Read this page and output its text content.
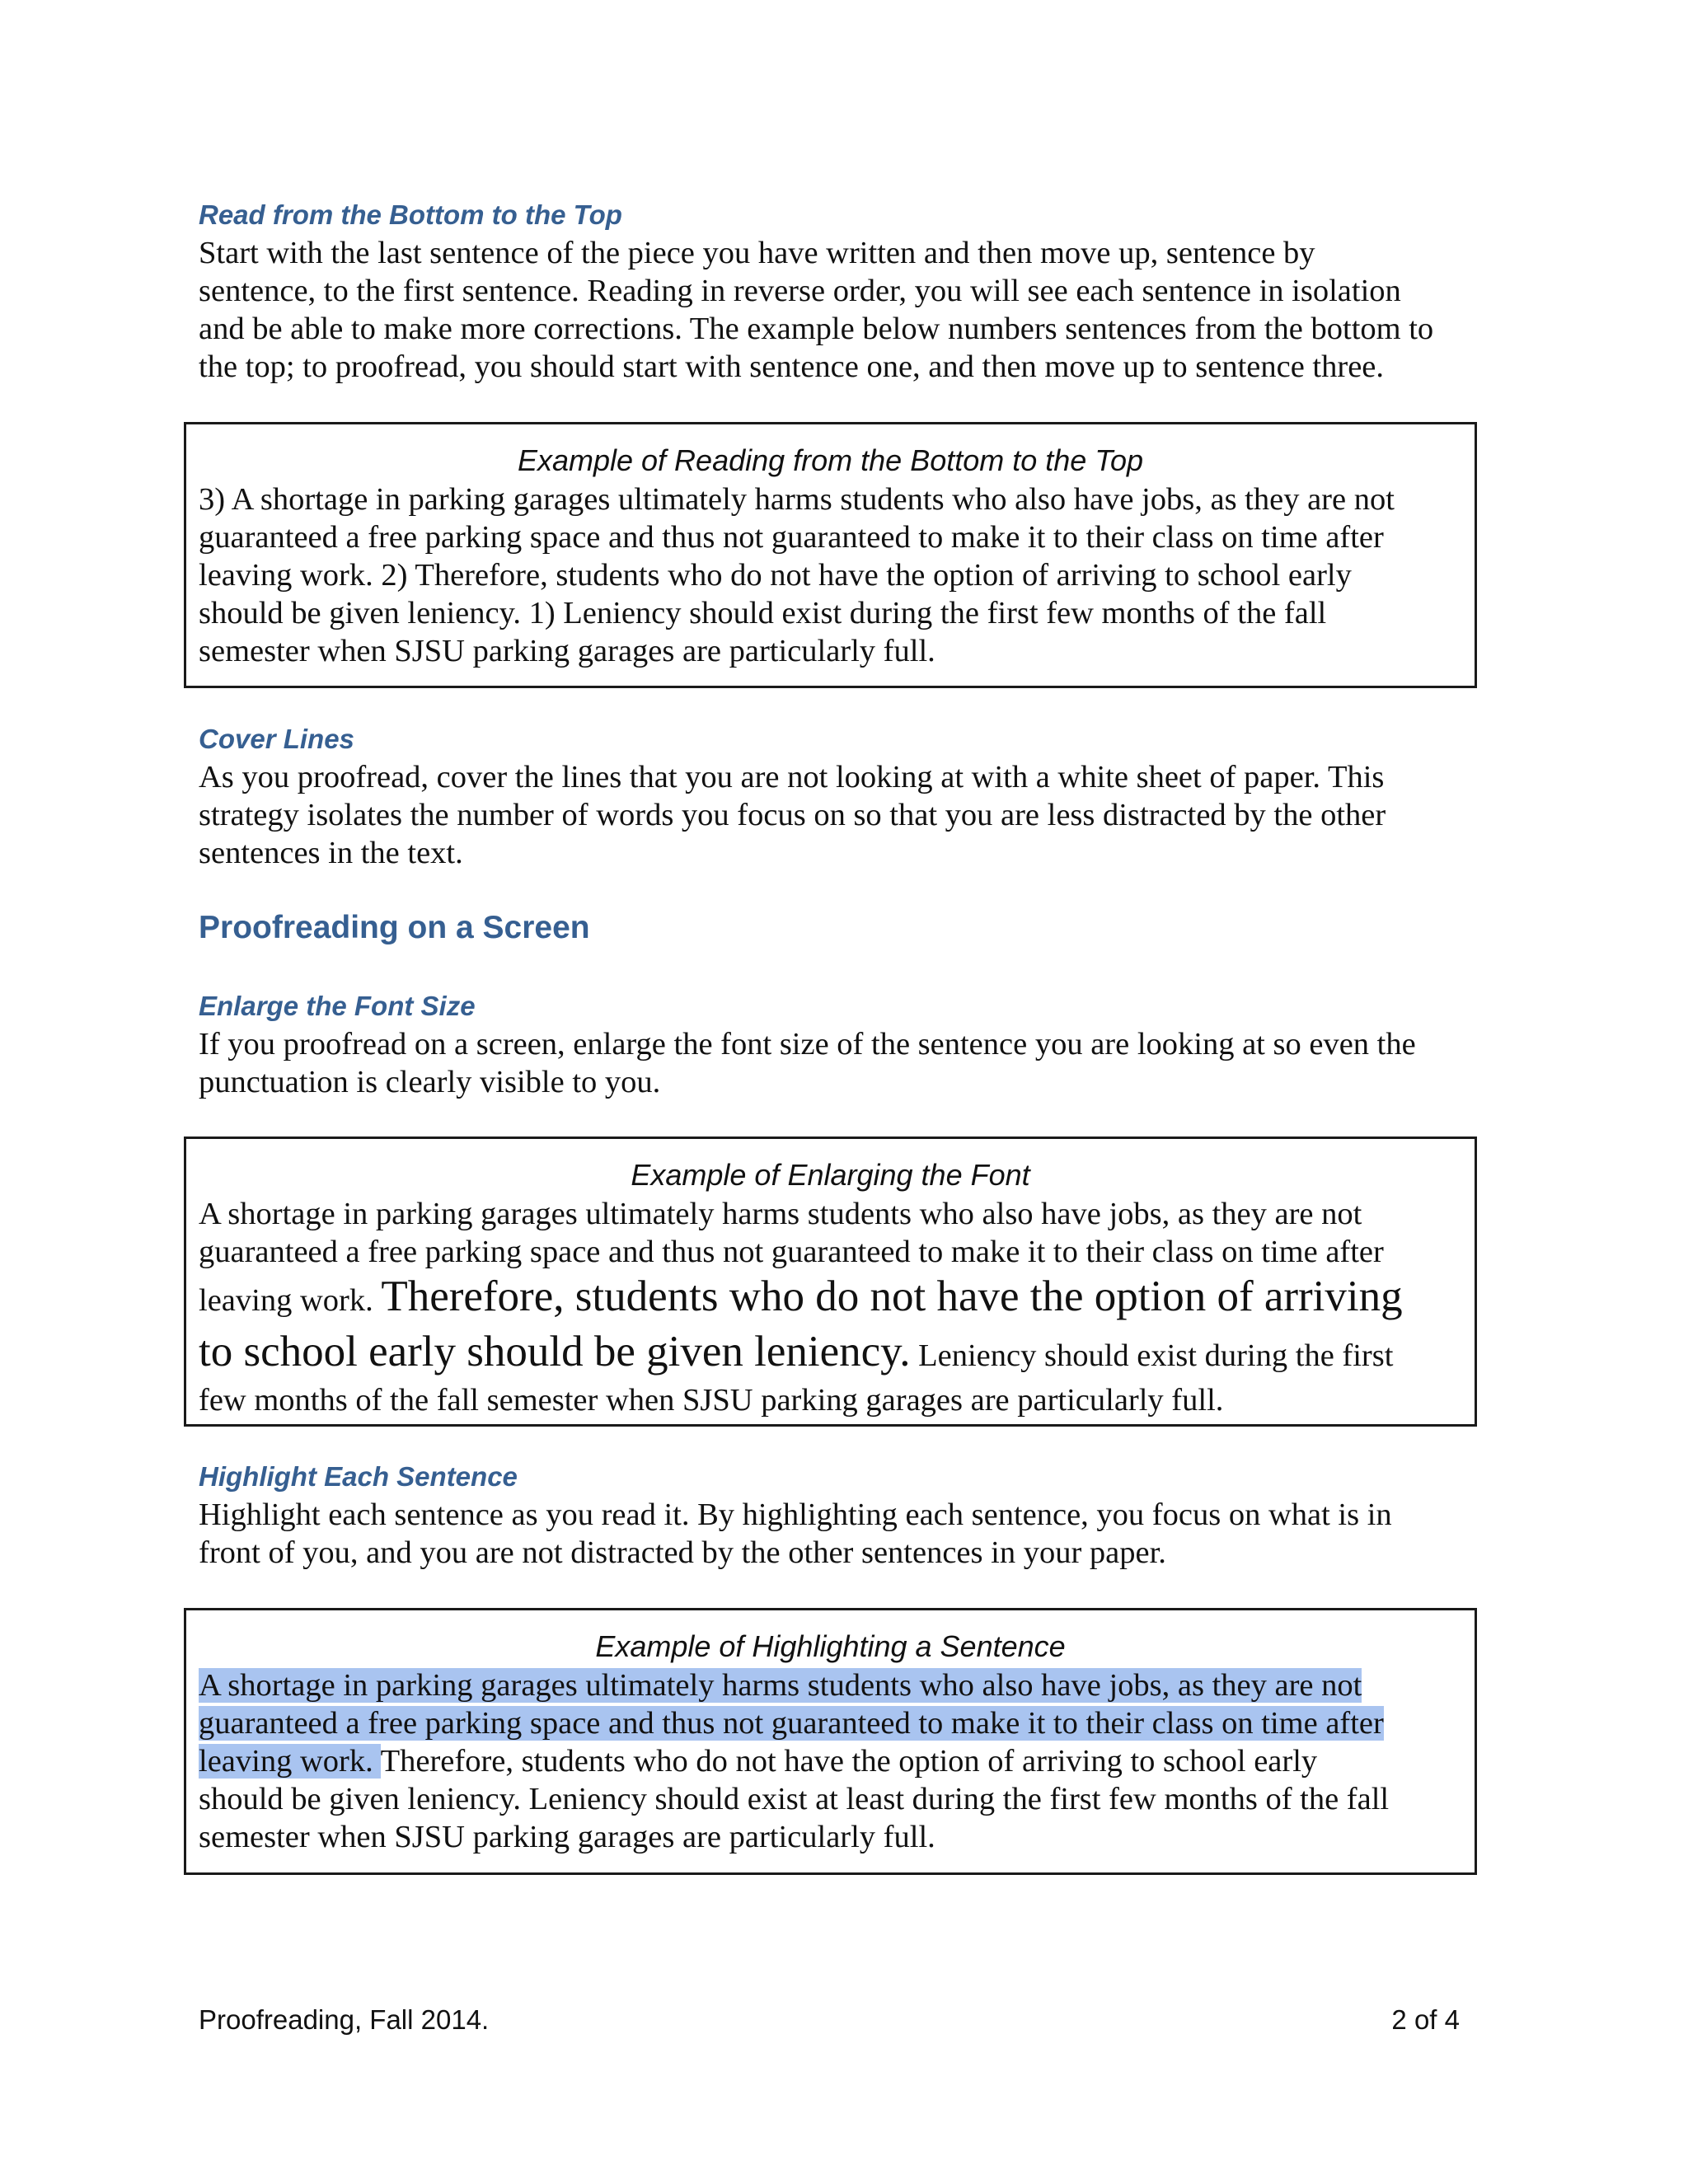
Read from the Bottom to the Top
Start with the last sentence of the piece you have written and then move up, sentence by
sentence, to the first sentence. Reading in reverse order, you will see each sentence in isolation
and be able to make more corrections. The example below numbers sentences from the bottom to
the top; to proofread, you should start with sentence one, and then move up to sentence three.
Example of Reading from the Bottom to the Top
3) A shortage in parking garages ultimately harms students who also have jobs, as they are not
guaranteed a free parking space and thus not guaranteed to make it to their class on time after
leaving work. 2) Therefore, students who do not have the option of arriving to school early
should be given leniency. 1) Leniency should exist during the first few months of the fall
semester when SJSU parking garages are particularly full.
Cover Lines
As you proofread, cover the lines that you are not looking at with a white sheet of paper. This
strategy isolates the number of words you focus on so that you are less distracted by the other
sentences in the text.
Proofreading on a Screen
Enlarge the Font Size
If you proofread on a screen, enlarge the font size of the sentence you are looking at so even the
punctuation is clearly visible to you.
Example of Enlarging the Font
A shortage in parking garages ultimately harms students who also have jobs, as they are not
guaranteed a free parking space and thus not guaranteed to make it to their class on time after
leaving work. Therefore, students who do not have the option of arriving
to school early should be given leniency. Leniency should exist during the first
few months of the fall semester when SJSU parking garages are particularly full.
Highlight Each Sentence
Highlight each sentence as you read it. By highlighting each sentence, you focus on what is in
front of you, and you are not distracted by the other sentences in your paper.
Example of Highlighting a Sentence
A shortage in parking garages ultimately harms students who also have jobs, as they are not
guaranteed a free parking space and thus not guaranteed to make it to their class on time after
leaving work. Therefore, students who do not have the option of arriving to school early
should be given leniency. Leniency should exist at least during the first few months of the fall
semester when SJSU parking garages are particularly full.
Proofreading, Fall 2014.	2 of 4
